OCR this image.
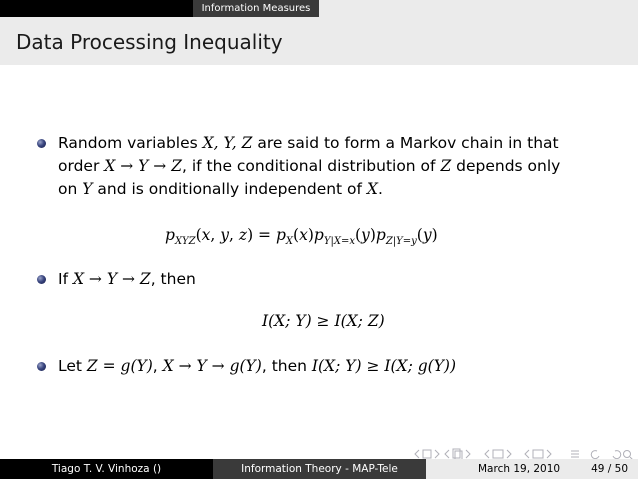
Information Measures
Data Processing Inequality
Random variables X, Y, Z are said to form a Markov chain in that
order X → Y → Z, if the conditional distribution of Z depends only
on Y and is onditionally independent of X.
$p_{XYZ}(x$, y, $z) = p_X(x)p_{Y|X=x}(y)p_{Z|Y=y}(y)$
If X → Y → Z, then
I(X; Y) ≥ I(X; Z)
Let Z = g(Y), X → Y → g(Y), then I(X; Y) ≥ I(X; g(Y))
Tiago T. V. Vinhoza ()	Information Theory - MAP-Tele	March 19, 2010	49 / 50
